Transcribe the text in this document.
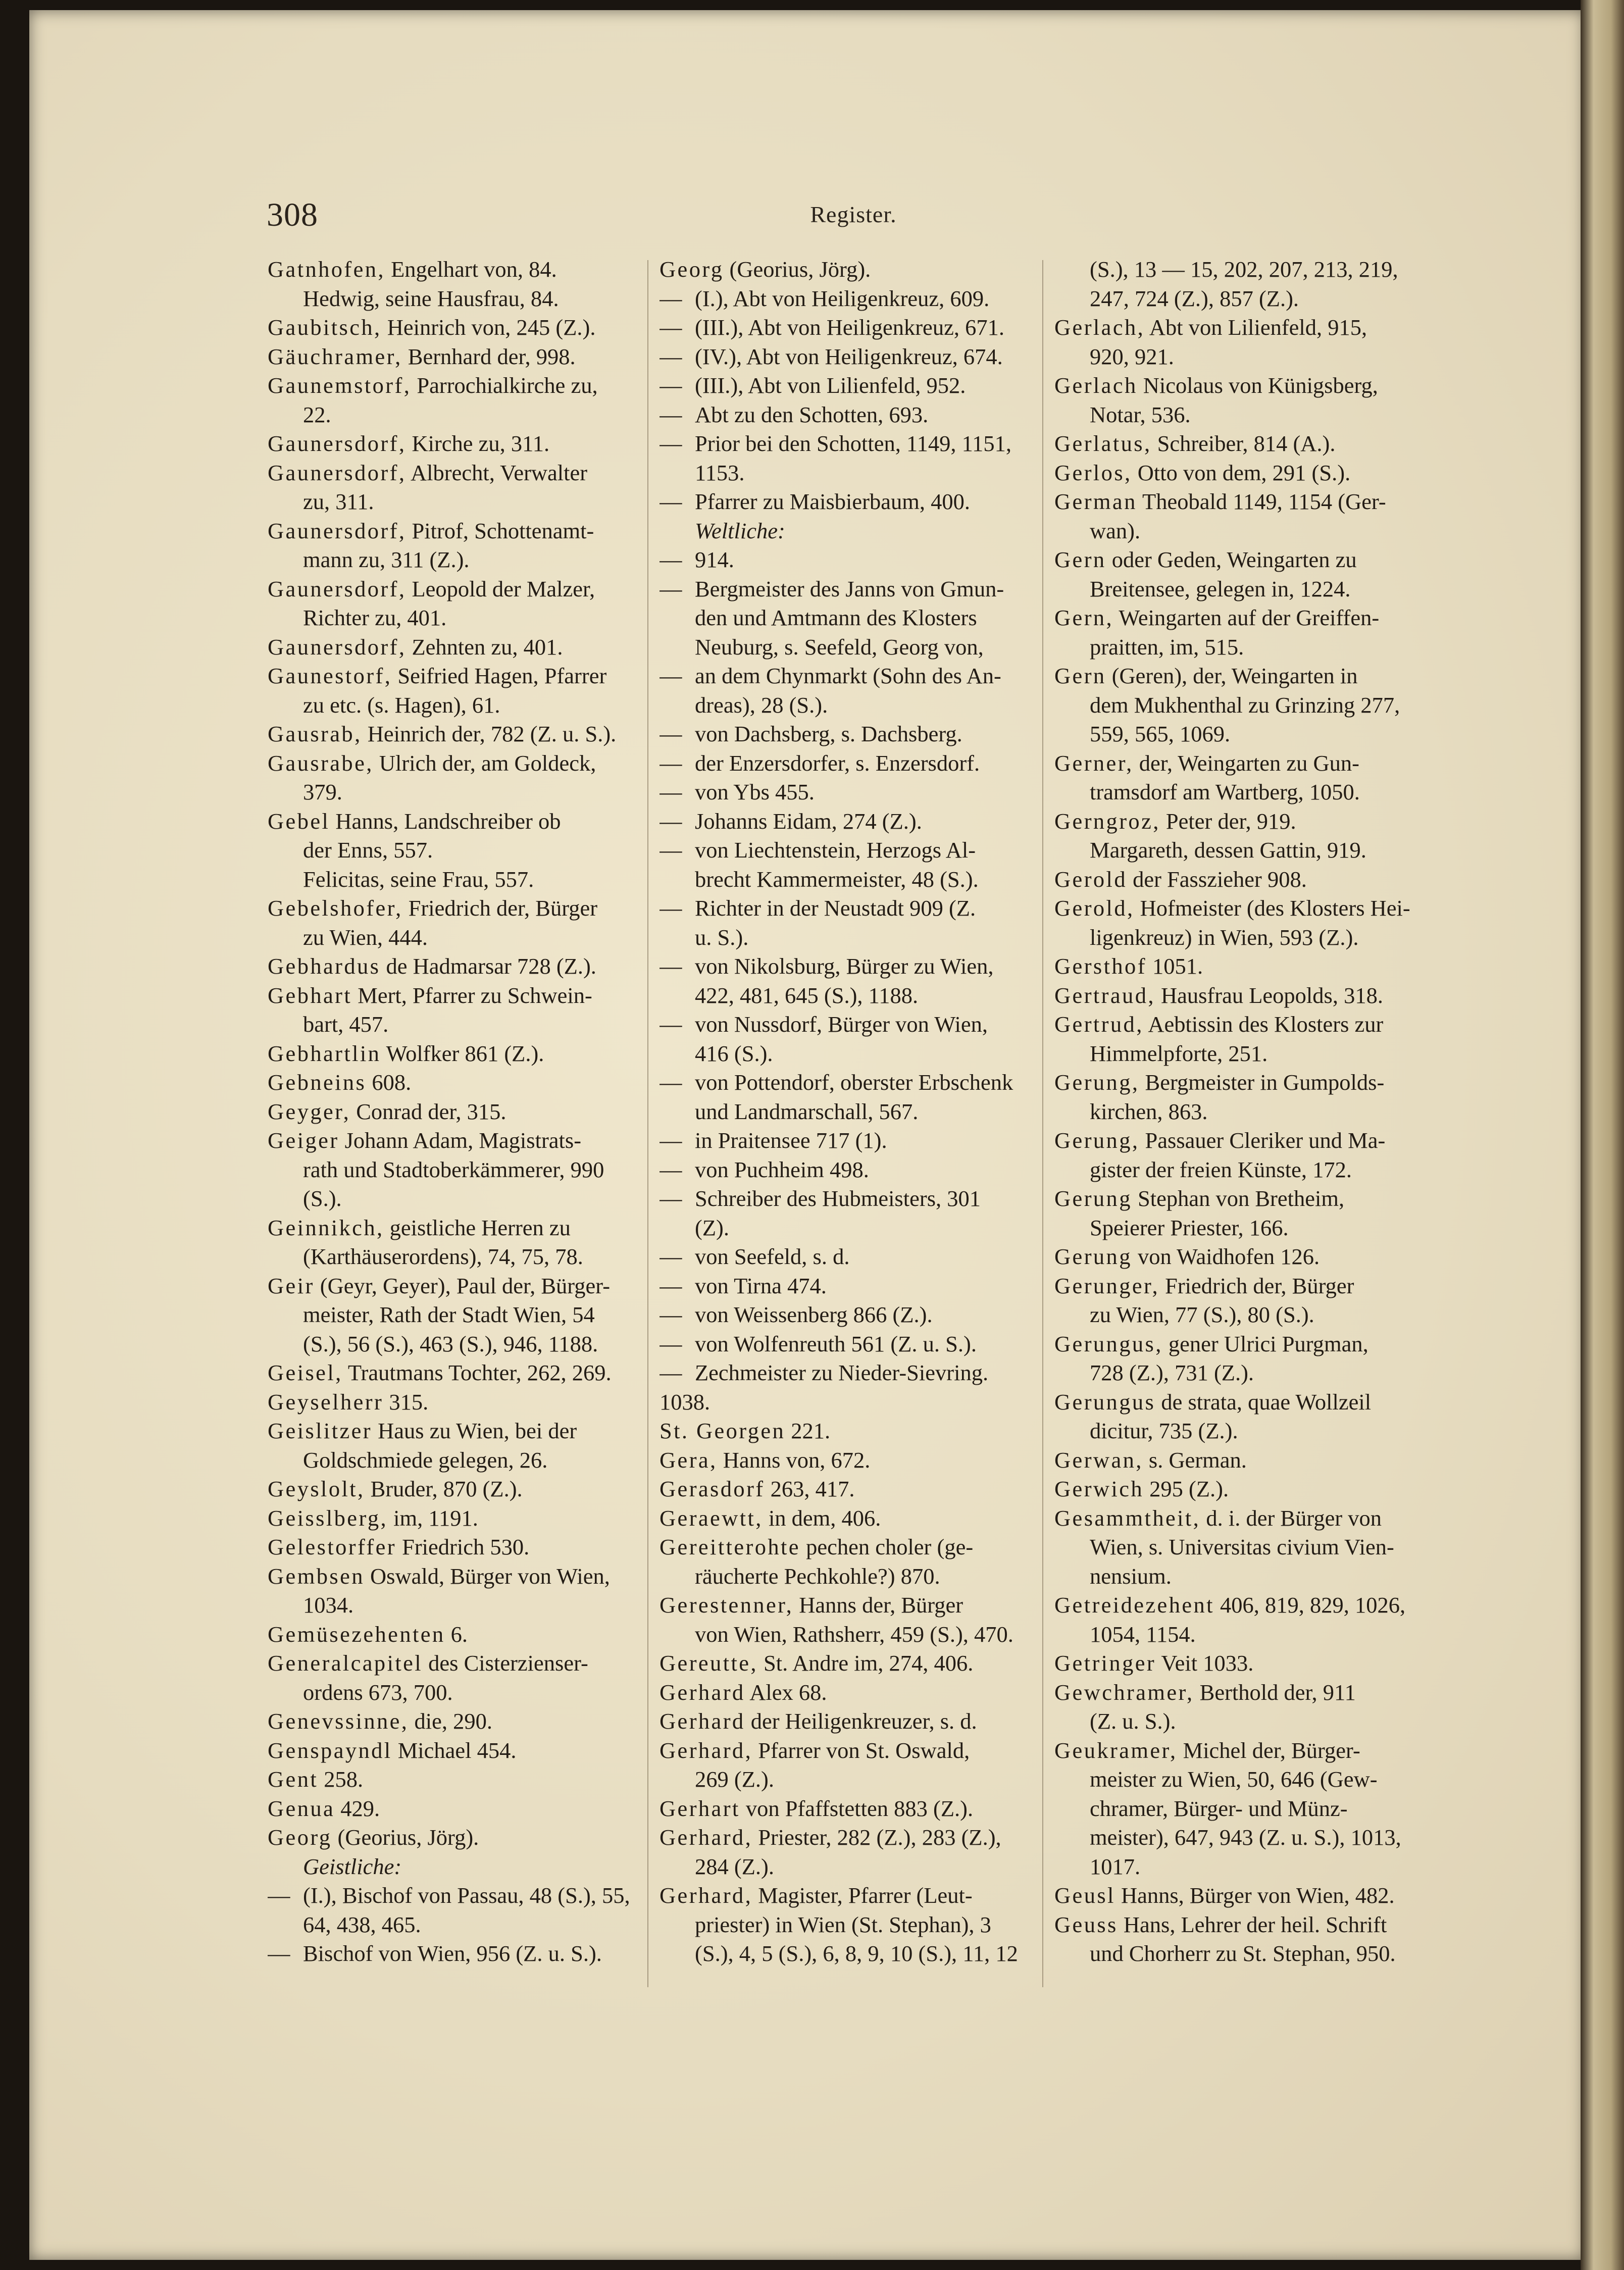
308	Register.
Gatnhofen, Engelhart von, 84.
Hedwig, seine Hausfrau, 84.
Gaubitsch, Heinrich von, 245 (Z.).
Gäuchramer, Bernhard der, 998.
Gaunemstorf, Parrochialkirche zu,
22.
Gaunersdorf, Kirche zu, 311.
Gaunersdorf, Albrecht, Verwalter
zu, 311.
Gaunersdorf, Pitrof, Schottenamt-
mann zu, 311 (Z.).
Gaunersdorf, Leopold der Malzer,
Richter zu, 401.
Gaunersdorf, Zehnten zu, 401.
Gaunestorf, Seifried Hagen, Pfarrer
zu etc. (s. Hagen), 61.
Gausrab, Heinrich der, 782 (Z. u. S.).
Gausrabe, Ulrich der, am Goldeck,
379.
Gebel Hanns, Landschreiber ob
der Enns, 557.
Felicitas, seine Frau, 557.
Gebelshofer, Friedrich der, Bürger
zu Wien, 444.
Gebhardus de Hadmarsar 728 (Z.).
Gebhart Mert, Pfarrer zu Schwein-
bart, 457.
Gebhartlin Wolfker 861 (Z.).
Gebneins 608.
Geyger, Conrad der, 315.
Geiger Johann Adam, Magistrats-
rath und Stadtoberkämmerer, 990
(S.).
Geinnikch, geistliche Herren zu
(Karthäuserordens), 74, 75, 78.
Geir (Geyr, Geyer), Paul der, Bürger-
meister, Rath der Stadt Wien, 54
(S.), 56 (S.), 463 (S.), 946, 1188.
Geisel, Trautmans Tochter, 262, 269.
Geyselherr 315.
Geislitzer Haus zu Wien, bei der
Goldschmiede gelegen, 26.
Geyslolt, Bruder, 870 (Z.).
Geisslberg, im, 1191.
Gelestorffer Friedrich 530.
Gembsen Oswald, Bürger von Wien,
1034.
Gemüsezehenten 6.
Generalcapitel des Cisterzienser-
ordens 673, 700.
Genevssinne, die, 290.
Genspayndl Michael 454.
Gent 258.
Genua 429.
Georg (Georius, Jörg).
Geistliche:
— (I.), Bischof von Passau, 48 (S.), 55,
64, 438, 465.
— Bischof von Wien, 956 (Z. u. S.).
Georg (Georius, Jörg).
— (I.), Abt von Heiligenkreuz, 609.
— (III.), Abt von Heiligenkreuz, 671.
— (IV.), Abt von Heiligenkreuz, 674.
— (III.), Abt von Lilienfeld, 952.
— Abt zu den Schotten, 693.
— Prior bei den Schotten, 1149, 1151,
1153.
— Pfarrer zu Maisbierbaum, 400.
Weltliche:
— 914.
— Bergmeister des Janns von Gmun-
den und Amtmann des Klosters
Neuburg, s. Seefeld, Georg von,
— an dem Chynmarkt (Sohn des An-
dreas), 28 (S.).
— von Dachsberg, s. Dachsberg.
— der Enzersdorfer, s. Enzersdorf.
— von Ybs 455.
— Johanns Eidam, 274 (Z.).
— von Liechtenstein, Herzogs Al-
brecht Kammermeister, 48 (S.).
— Richter in der Neustadt 909 (Z.
u. S.).
— von Nikolsburg, Bürger zu Wien,
422, 481, 645 (S.), 1188.
— von Nussdorf, Bürger von Wien,
416 (S.).
— von Pottendorf, oberster Erbschenk
und Landmarschall, 567.
— in Praitensee 717 (1).
— von Puchheim 498.
— Schreiber des Hubmeisters, 301
(Z).
— von Seefeld, s. d.
— von Tirna 474.
— von Weissenberg 866 (Z.).
— von Wolfenreuth 561 (Z. u. S.).
— Zechmeister zu Nieder-Sievring.
1038.
St. Georgen 221.
Gera, Hanns von, 672.
Gerasdorf 263, 417.
Geraewtt, in dem, 406.
Gereitterohte pechen choler (ge-
räucherte Pechkohle?) 870.
Gerestenner, Hanns der, Bürger
von Wien, Rathsherr, 459 (S.), 470.
Gereutte, St. Andre im, 274, 406.
Gerhard Alex 68.
Gerhard der Heiligenkreuzer, s. d.
Gerhard, Pfarrer von St. Oswald,
269 (Z.).
Gerhart von Pfaffstetten 883 (Z.).
Gerhard, Priester, 282 (Z.), 283 (Z.),
284 (Z.).
Gerhard, Magister, Pfarrer (Leut-
priester) in Wien (St. Stephan), 3
(S.), 4, 5 (S.), 6, 8, 9, 10 (S.), 11, 12
(S.), 13 — 15, 202, 207, 213, 219,
247, 724 (Z.), 857 (Z.).
Gerlach, Abt von Lilienfeld, 915,
920, 921.
Gerlach Nicolaus von Künigsberg,
Notar, 536.
Gerlatus, Schreiber, 814 (A.).
Gerlos, Otto von dem, 291 (S.).
German Theobald 1149, 1154 (Ger-
wan).
Gern oder Geden, Weingarten zu
Breitensee, gelegen in, 1224.
Gern, Weingarten auf der Greiffen-
praitten, im, 515.
Gern (Geren), der, Weingarten in
dem Mukhenthal zu Grinzing 277,
559, 565, 1069.
Gerner, der, Weingarten zu Gun-
tramsdorf am Wartberg, 1050.
Gerngroz, Peter der, 919.
Margareth, dessen Gattin, 919.
Gerold der Fasszieher 908.
Gerold, Hofmeister (des Klosters Hei-
ligenkreuz) in Wien, 593 (Z.).
Gersthof 1051.
Gertraud, Hausfrau Leopolds, 318.
Gertrud, Aebtissin des Klosters zur
Himmelpforte, 251.
Gerung, Bergmeister in Gumpolds-
kirchen, 863.
Gerung, Passauer Cleriker und Ma-
gister der freien Künste, 172.
Gerung Stephan von Bretheim,
Speierer Priester, 166.
Gerung von Waidhofen 126.
Gerunger, Friedrich der, Bürger
zu Wien, 77 (S.), 80 (S.).
Gerungus, gener Ulrici Purgman,
728 (Z.), 731 (Z.).
Gerungus de strata, quae Wollzeil
dicitur, 735 (Z.).
Gerwan, s. German.
Gerwich 295 (Z.).
Gesammtheit, d. i. der Bürger von
Wien, s. Universitas civium Vien-
nensium.
Getreidezehent 406, 819, 829, 1026,
1054, 1154.
Getringer Veit 1033.
Gewchramer, Berthold der, 911
(Z. u. S.).
Geukramer, Michel der, Bürger-
meister zu Wien, 50, 646 (Gew-
chramer, Bürger- und Münz-
meister), 647, 943 (Z. u. S.), 1013,
1017.
Geusl Hanns, Bürger von Wien, 482.
Geuss Hans, Lehrer der heil. Schrift
und Chorherr zu St. Stephan, 950.
